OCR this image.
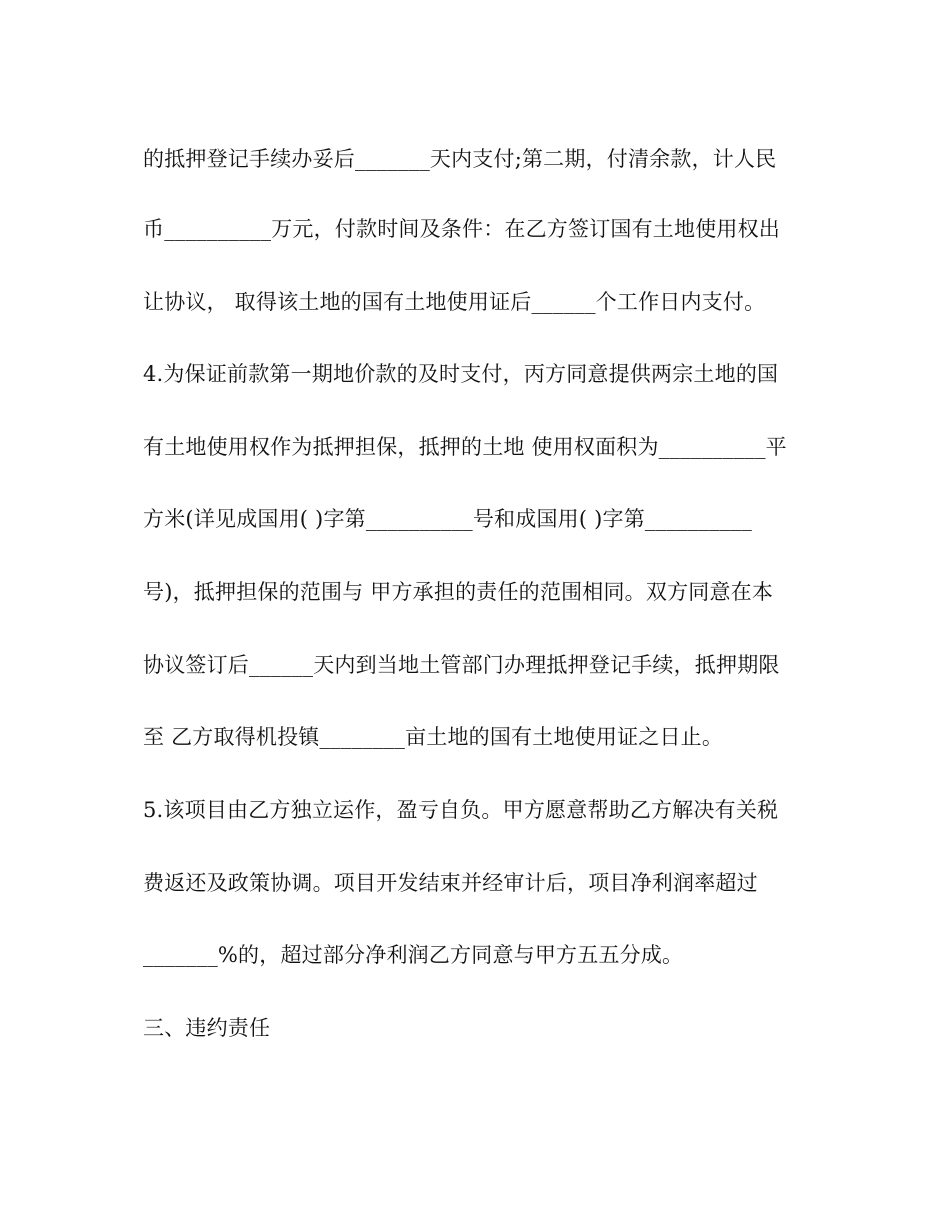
的抵押登记手续办妥后_______天内支付;第二期，付清余款，计人民

币__________万元，付款时间及条件：在乙方签订国有土地使用权出

让协议， 取得该土地的国有土地使用证后______个工作日内支付。

4.为保证前款第一期地价款的及时支付，丙方同意提供两宗土地的国

有土地使用权作为抵押担保，抵押的土地 使用权面积为__________平

方米(详见成国用( )字第__________号和成国用( )字第__________

号)，抵押担保的范围与 甲方承担的责任的范围相同。双方同意在本

协议签订后______天内到当地土管部门办理抵押登记手续，抵押期限

至 乙方取得机投镇________亩土地的国有土地使用证之日止。

5.该项目由乙方独立运作，盈亏自负。甲方愿意帮助乙方解决有关税

费返还及政策协调。项目开发结束并经审计后，项目净利润率超过

_______%的，超过部分净利润乙方同意与甲方五五分成。

三、违约责任
